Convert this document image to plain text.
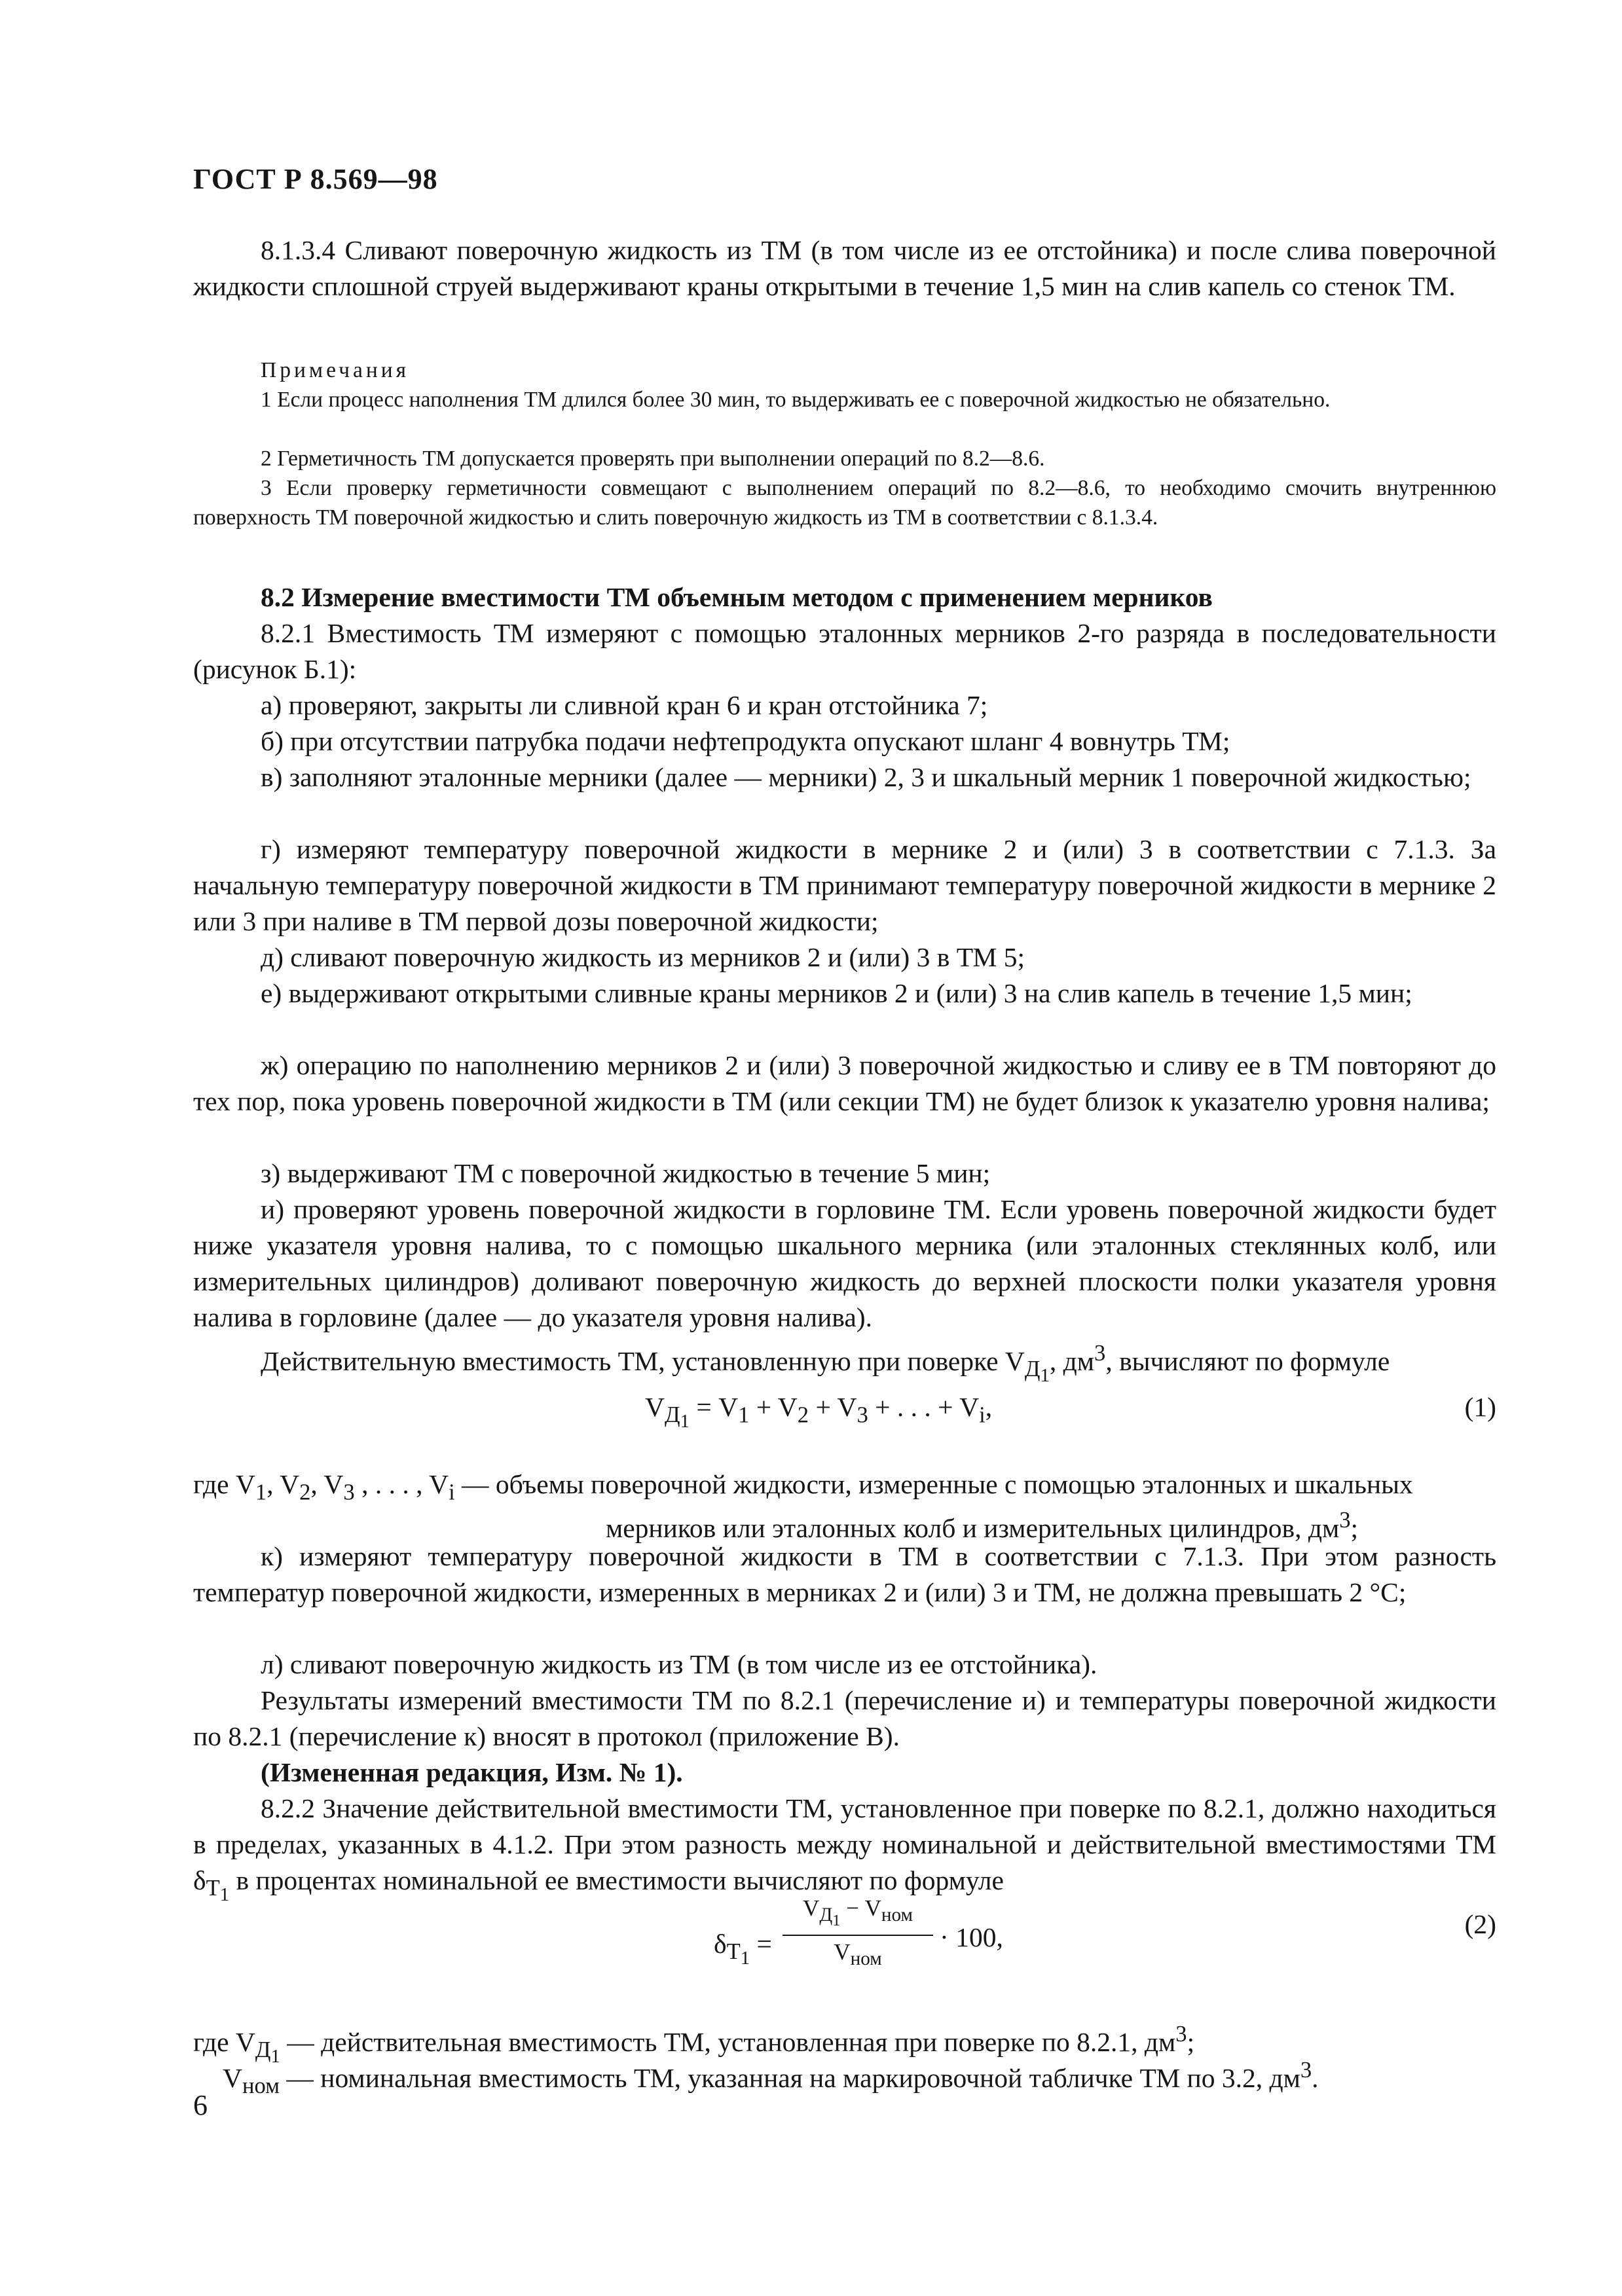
ГОСТ Р 8.569—98
8.1.3.4 Сливают поверочную жидкость из ТМ (в том числе из ее отстойника) и после слива поверочной жидкости сплошной струей выдерживают краны открытыми в течение 1,5 мин на слив капель со стенок ТМ.
Примечания
1 Если процесс наполнения ТМ длился более 30 мин, то выдерживать ее с поверочной жидкостью не обязательно.
2 Герметичность ТМ допускается проверять при выполнении операций по 8.2—8.6.
3 Если проверку герметичности совмещают с выполнением операций по 8.2—8.6, то необходимо смочить внутреннюю поверхность ТМ поверочной жидкостью и слить поверочную жидкость из ТМ в соответствии с 8.1.3.4.
8.2 Измерение вместимости ТМ объемным методом с применением мерников
8.2.1 Вместимость ТМ измеряют с помощью эталонных мерников 2-го разряда в последовательности (рисунок Б.1):
а) проверяют, закрыты ли сливной кран 6 и кран отстойника 7;
б) при отсутствии патрубка подачи нефтепродукта опускают шланг 4 вовнутрь ТМ;
в) заполняют эталонные мерники (далее — мерники) 2, 3 и шкальный мерник 1 поверочной жидкостью;
г) измеряют температуру поверочной жидкости в мернике 2 и (или) 3 в соответствии с 7.1.3. За начальную температуру поверочной жидкости в ТМ принимают температуру поверочной жидкости в мернике 2 или 3 при наливе в ТМ первой дозы поверочной жидкости;
д) сливают поверочную жидкость из мерников 2 и (или) 3 в ТМ 5;
е) выдерживают открытыми сливные краны мерников 2 и (или) 3 на слив капель в течение 1,5 мин;
ж) операцию по наполнению мерников 2 и (или) 3 поверочной жидкостью и сливу ее в ТМ повторяют до тех пор, пока уровень поверочной жидкости в ТМ (или секции ТМ) не будет близок к указателю уровня налива;
з) выдерживают ТМ с поверочной жидкостью в течение 5 мин;
и) проверяют уровень поверочной жидкости в горловине ТМ. Если уровень поверочной жидкости будет ниже указателя уровня налива, то с помощью шкального мерника (или эталонных стеклянных колб, или измерительных цилиндров) доливают поверочную жидкость до верхней плоскости полки указателя уровня налива в горловине (далее — до указателя уровня налива).
Действительную вместимость ТМ, установленную при поверке $V_{Д_1}$, $дм^3$, вычисляют по формуле
$V_{Д_1} = V_1 + V_2 + V_3$ + . . . + $V_i$,	(1)
где $V_1$, $V_2$, $V_3$ , . . . , $V_i$ — объемы поверочной жидкости, измеренные с помощью эталонных и шкальных
мерников или эталонных колб и измерительных цилиндров, $дм^3$;
к) измеряют температуру поверочной жидкости в ТМ в соответствии с 7.1.3. При этом разность температур поверочной жидкости, измеренных в мерниках 2 и (или) 3 и ТМ, не должна превышать 2 °С;
л) сливают поверочную жидкость из ТМ (в том числе из ее отстойника).
Результаты измерений вместимости ТМ по 8.2.1 (перечисление и) и температуры поверочной жидкости по 8.2.1 (перечисление к) вносят в протокол (приложение В).
(Измененная редакция, Изм. № 1).
8.2.2 Значение действительной вместимости ТМ, установленное при поверке по 8.2.1, должно находиться в пределах, указанных в 4.1.2. При этом разность между номинальной и действительной вместимостями ТМ $\delta_{Т_1}$ в процентах номинальной ее вместимости вычисляют по формуле
$\delta_{Т_1}$ =
$V_{Д_1} - V_{ном}$
$V_{ном}$
· 100,	(2)
где $V_{Д_1}$ — действительная вместимость ТМ, установленная при поверке по 8.2.1, $дм^3$;
$V_{ном}$ — номинальная вместимость ТМ, указанная на маркировочной табличке ТМ по 3.2, $дм^3$.
6
